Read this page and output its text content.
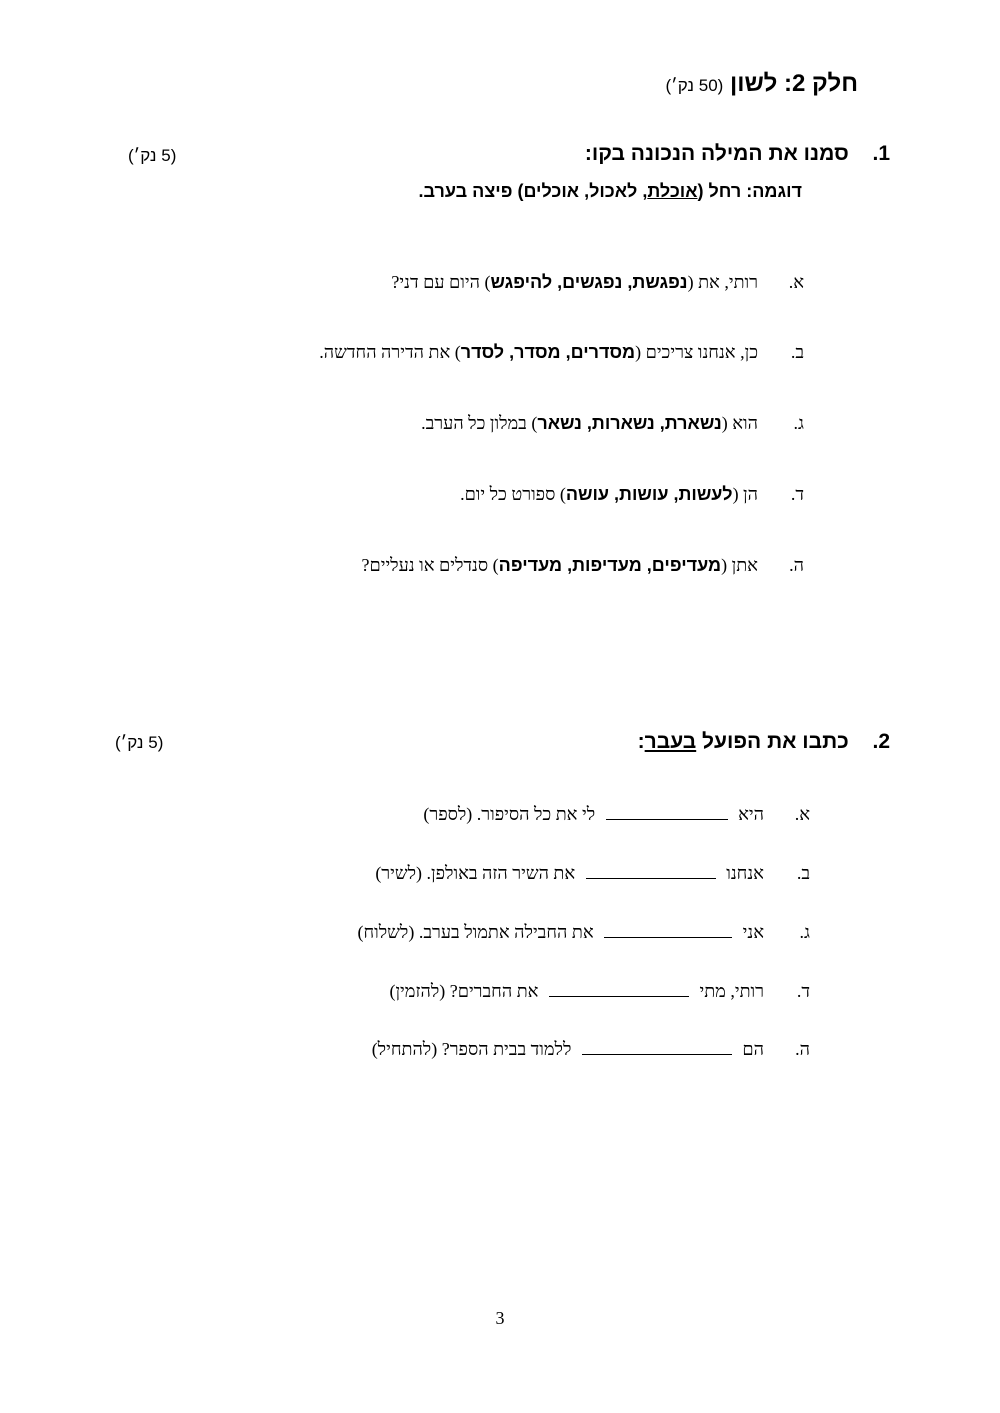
חלק 2: לשון (50 נק׳)
1.  סמנו את המילה הנכונה בקו:
(5 נק׳)
דוגמה: רחל (אוכלת, לאכול, אוכלים) פיצה בערב.
א.רותי, את (נפגשת, נפגשים, להיפגש) היום עם דני?
ב.כן, אנחנו צריכים (מסדרים, מסדר, לסדר) את הדירה החדשה.
ג.הוא (נשארת, נשארות, נשאר) במלון כל הערב.
ד.הן (לעשות, עושות, עושה) ספורט כל יום.
ה.אתן (מעדיפים, מעדיפות, מעדיפה) סנדלים או נעליים?
2.  כתבו את הפועל בעבר:
(5 נק׳)
א.היא  לי את כל הסיפור. (לספר)
ב.אנחנו  את השיר הזה באולפן. (לשיר)
ג.אני  את החבילה אתמול בערב. (לשלוח)
ד.רותי, מתי  את החברים? (להזמין)
ה.הם  ללמוד בבית הספר? (להתחיל)
3
